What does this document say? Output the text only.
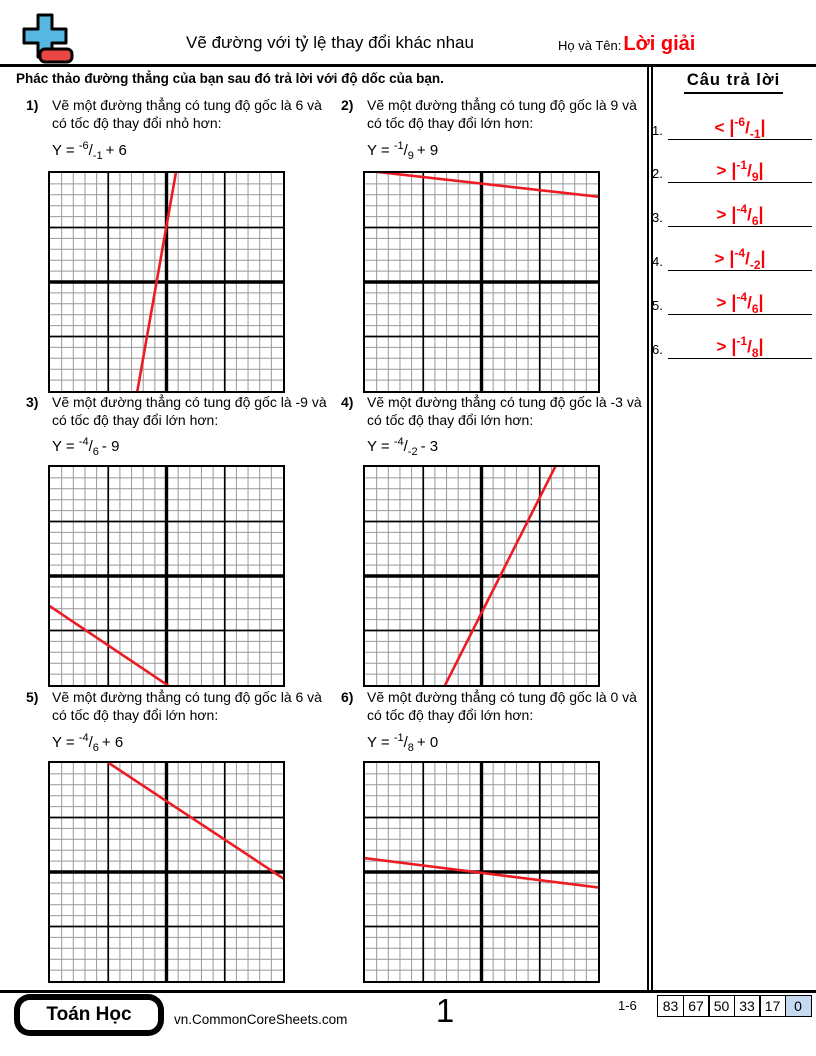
Vẽ đường với tỷ lệ thay đổi khác nhau	Họ và Tên: Lời giải
Phác thảo đường thẳng của bạn sau đó trả lời với độ dốc của bạn.	Câu trả lời
1.	< $|^{-6}/_{-1}|$
2.	> $|^{-1}/_9|$
3.	> $|^{-4}/_6|$
4.	> $|^{-4}/_{-2}|$
5.	> $|^{-4}/_6|$
6.	> $|^{-1}/_8|$
1) Vẽ một đường thẳng có tung độ gốc là 6 và có tốc độ thay đổi nhỏ hơn:
$Y = ^{-6}/_{-1} + 6$
2) Vẽ một đường thẳng có tung độ gốc là 9 và có tốc độ thay đổi lớn hơn:
$Y = ^{-1}/_9 + 9$
3) Vẽ một đường thẳng có tung độ gốc là -9 và có tốc độ thay đổi lớn hơn:
$Y = ^{-4}/_6 - 9$
4) Vẽ một đường thẳng có tung độ gốc là -3 và có tốc độ thay đổi lớn hơn:
$Y = ^{-4}/_{-2} - 3$
5) Vẽ một đường thẳng có tung độ gốc là 6 và có tốc độ thay đổi lớn hơn:
$Y = ^{-4}/_6 + 6$
6) Vẽ một đường thẳng có tung độ gốc là 0 và có tốc độ thay đổi lớn hơn:
$Y = ^{-1}/_8 + 0$
Toán Học	vn.CommonCoreSheets.com	1	1-6	83 67 50 33 17 0
